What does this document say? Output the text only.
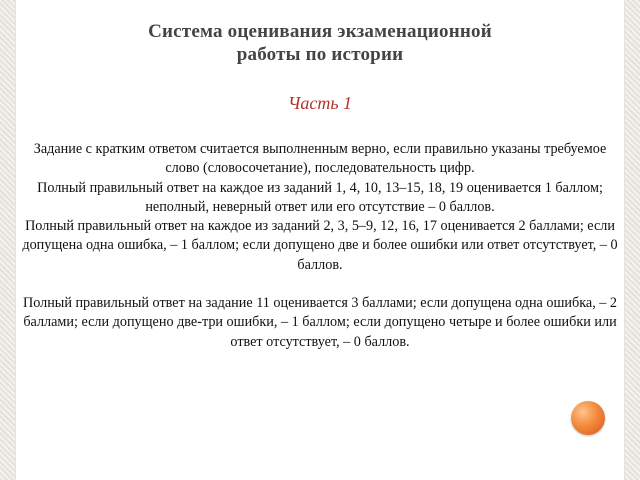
Система оценивания экзаменационной
работы по истории
Часть 1

Задание с кратким ответом считается выполненным верно, если правильно указаны требуемое слово (словосочетание), последовательность цифр.

Полный правильный ответ на каждое из заданий 1, 4, 10, 13–15, 18, 19 оценивается 1 баллом; неполный, неверный ответ или его отсутствие – 0 баллов.

Полный правильный ответ на каждое из заданий 2, 3, 5–9, 12, 16, 17 оценивается 2 баллами; если допущена одна ошибка, – 1 баллом; если допущено две и более ошибки или ответ отсутствует, – 0 баллов.

Полный правильный ответ на задание 11 оценивается 3 баллами; если допущена одна ошибка, – 2 баллами; если допущено две-три ошибки, – 1 баллом; если допущено четыре и более ошибки или ответ отсутствует, – 0 баллов.
